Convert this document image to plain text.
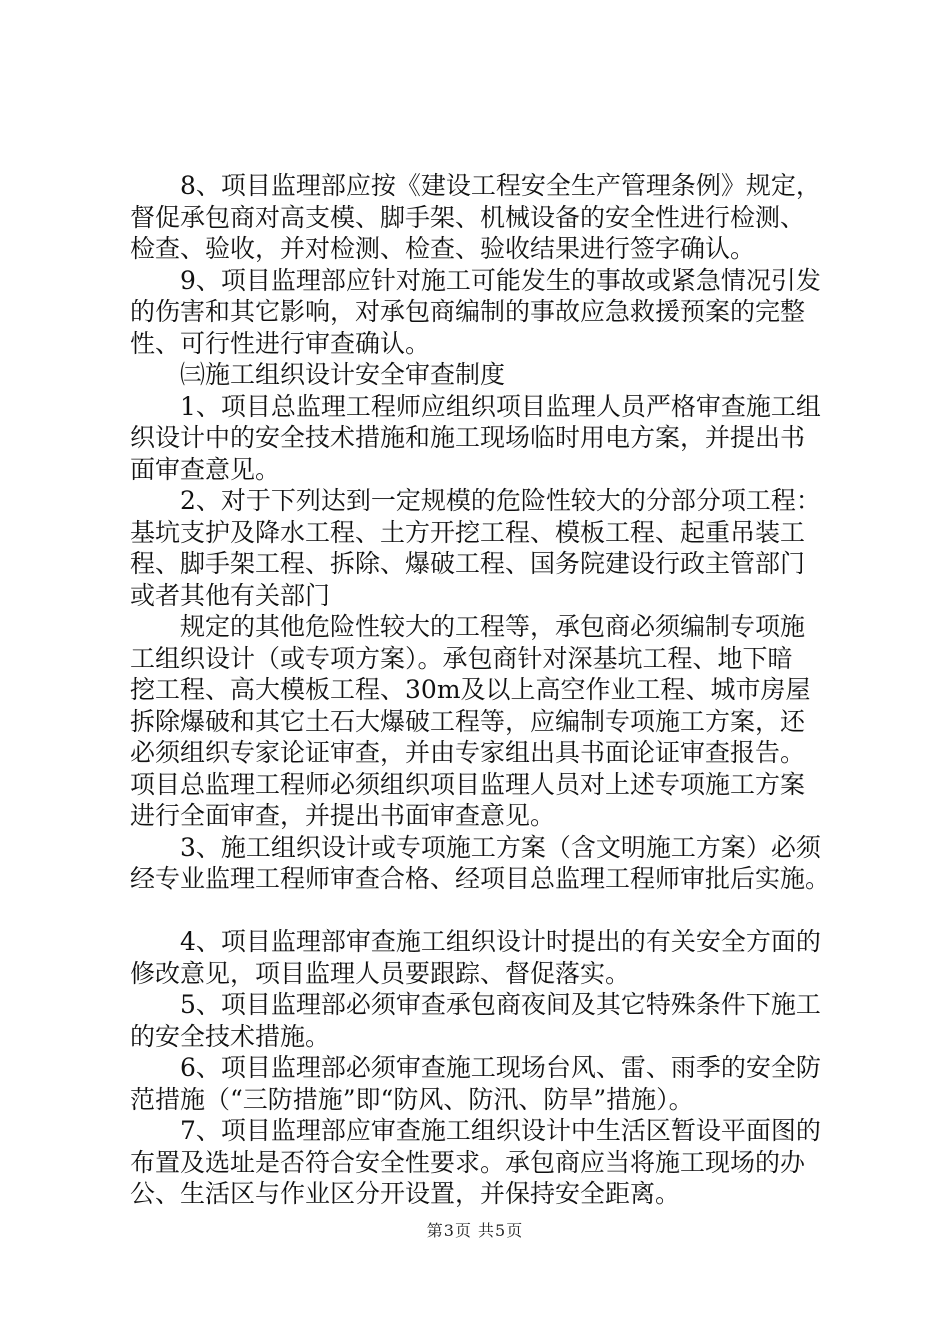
　　8、项目监理部应按《建设工程安全生产管理条例》规定，
督促承包商对高支模、脚手架、机械设备的安全性进行检测、
检查、验收，并对检测、检查、验收结果进行签字确认。
　　9、项目监理部应针对施工可能发生的事故或紧急情况引发
的伤害和其它影响，对承包商编制的事故应急救援预案的完整
性、可行性进行审查确认。
　　㈢施工组织设计安全审查制度
　　1、项目总监理工程师应组织项目监理人员严格审查施工组
织设计中的安全技术措施和施工现场临时用电方案，并提出书
面审查意见。
　　2、对于下列达到一定规模的危险性较大的分部分项工程：
基坑支护及降水工程、土方开挖工程、模板工程、起重吊装工
程、脚手架工程、拆除、爆破工程、国务院建设行政主管部门
或者其他有关部门
　　规定的其他危险性较大的工程等，承包商必须编制专项施
工组织设计（或专项方案）。承包商针对深基坑工程、地下暗
挖工程、高大模板工程、30m及以上高空作业工程、城市房屋
拆除爆破和其它土石大爆破工程等，应编制专项施工方案，还
必须组织专家论证审查，并由专家组出具书面论证审查报告。
项目总监理工程师必须组织项目监理人员对上述专项施工方案
进行全面审查，并提出书面审查意见。
　　3、施工组织设计或专项施工方案（含文明施工方案）必须
经专业监理工程师审查合格、经项目总监理工程师审批后实施。
　　4、项目监理部审查施工组织设计时提出的有关安全方面的
修改意见，项目监理人员要跟踪、督促落实。
　　5、项目监理部必须审查承包商夜间及其它特殊条件下施工
的安全技术措施。
　　6、项目监理部必须审查施工现场台风、雷、雨季的安全防
范措施（“三防措施”即“防风、防汛、防旱”措施）。
　　7、项目监理部应审查施工组织设计中生活区暂设平面图的
布置及选址是否符合安全性要求。承包商应当将施工现场的办
公、生活区与作业区分开设置，并保持安全距离。
第3页 共5页
